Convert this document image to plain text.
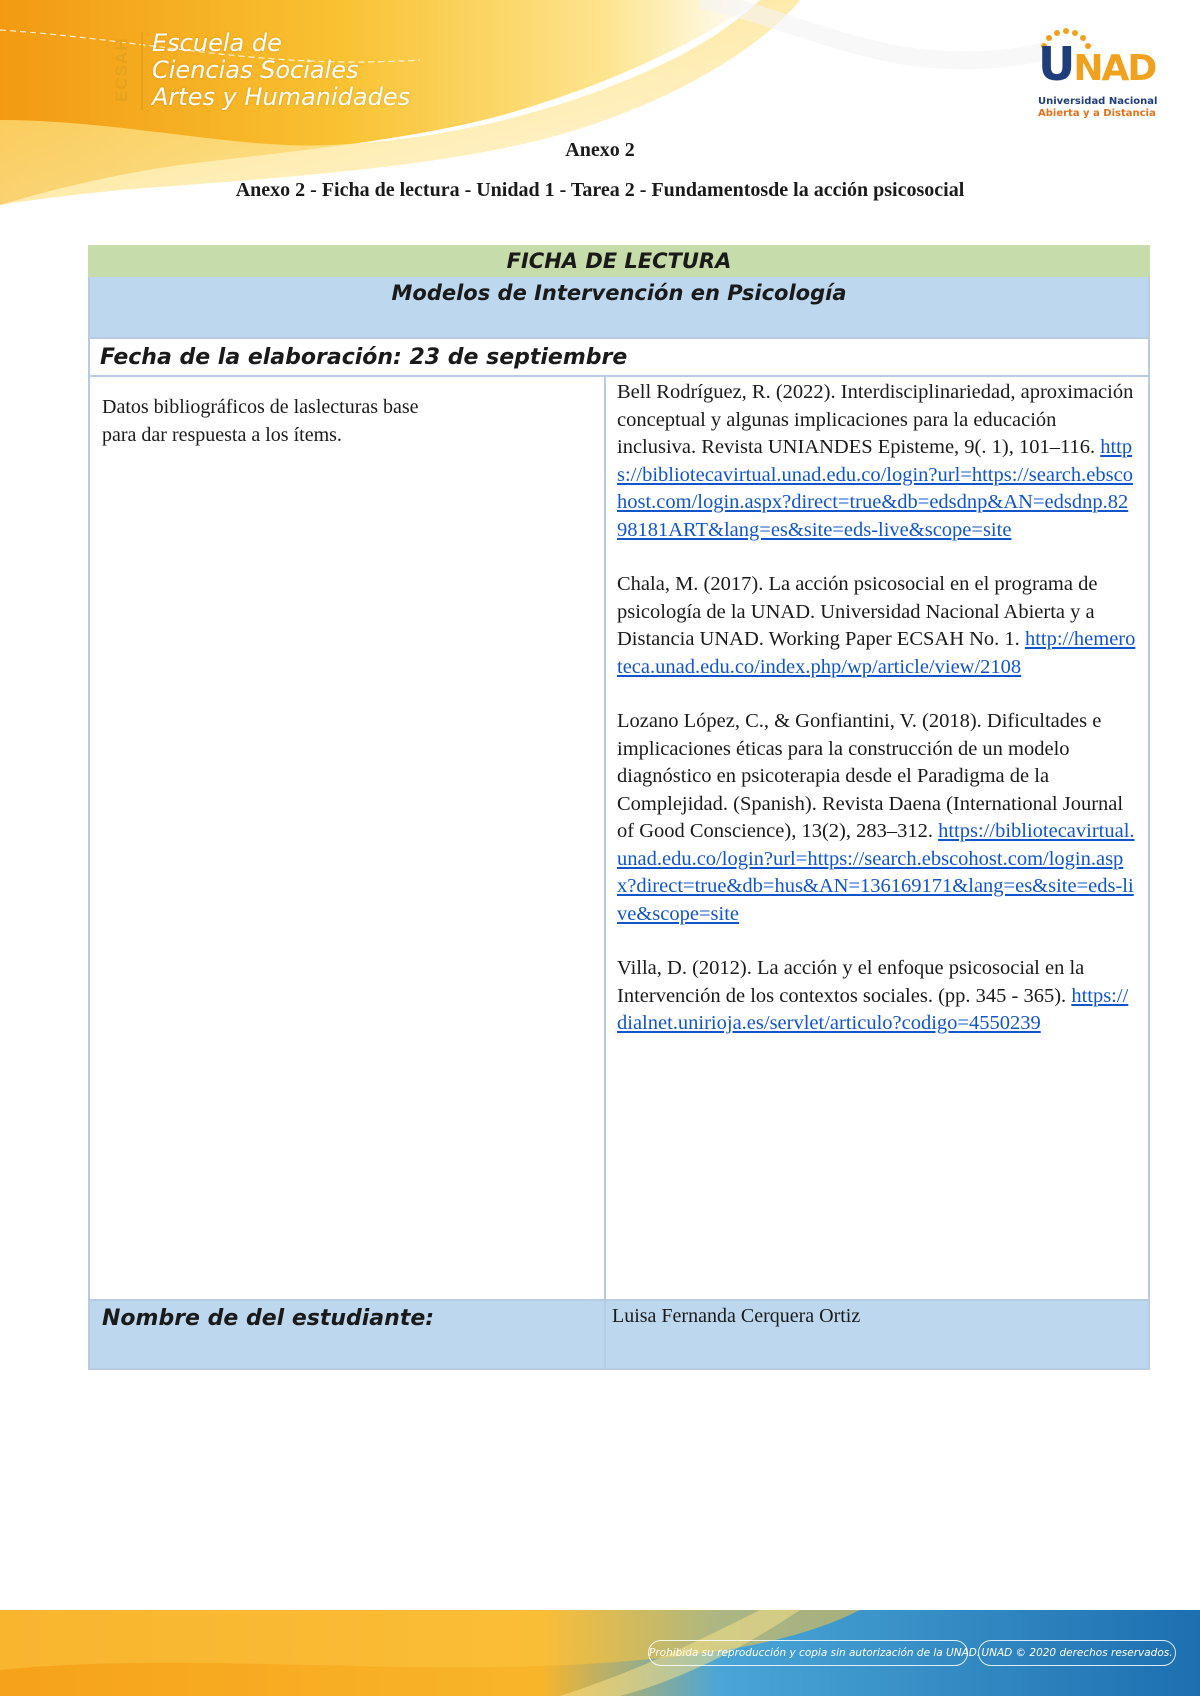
ECSAH Escuela de
Ciencias Sociales
Artes y Humanidades
UNAD
Universidad Nacional
Abierta y a Distancia
Anexo 2
Anexo 2 - Ficha de lectura - Unidad 1 - Tarea 2 - Fundamentosde la acción psicosocial
FICHA DE LECTURA	
Modelos de Intervención en Psicología	
Fecha de la elaboración: 23 de septiembre	

Datos bibliográficos de laslecturas base para dar respuesta a los ítems.	Bell Rodríguez, R. (2022). Interdisciplinariedad, aproximación conceptual y algunas implicaciones para la educación inclusiva. Revista UNIANDES Episteme, 9(. 1), 101–116. https://bibliotecavirtual.unad.edu.co/login?url=https://search.ebscohost.com/login.aspx?direct=true&db=edsdnp&AN=edsdnp.8298181ART&lang=es&site=eds-live&scope=site
Chala, M. (2017). La acción psicosocial en el programa de psicología de la UNAD. Universidad Nacional Abierta y a Distancia UNAD. Working Paper ECSAH No. 1. http://hemeroteca.unad.edu.co/index.php/wp/article/view/2108
Lozano López, C., & Gonfiantini, V. (2018). Dificultades e implicaciones éticas para la construcción de un modelo diagnóstico en psicoterapia desde el Paradigma de la Complejidad. (Spanish). Revista Daena (International Journal of Good Conscience), 13(2), 283–312. https://bibliotecavirtual.unad.edu.co/login?url=https://search.ebscohost.com/login.aspx?direct=true&db=hus&AN=136169171&lang=es&site=eds-live&scope=site
Villa, D. (2012). La acción y el enfoque psicosocial en la Intervención de los contextos sociales. (pp. 345 - 365). https://dialnet.unirioja.es/servlet/articulo?codigo=4550239

Nombre de del estudiante:	Luisa Fernanda Cerquera Ortiz
Prohibida su reproducción y copia sin autorización de la UNAD. UNAD © 2020 derechos reservados.
